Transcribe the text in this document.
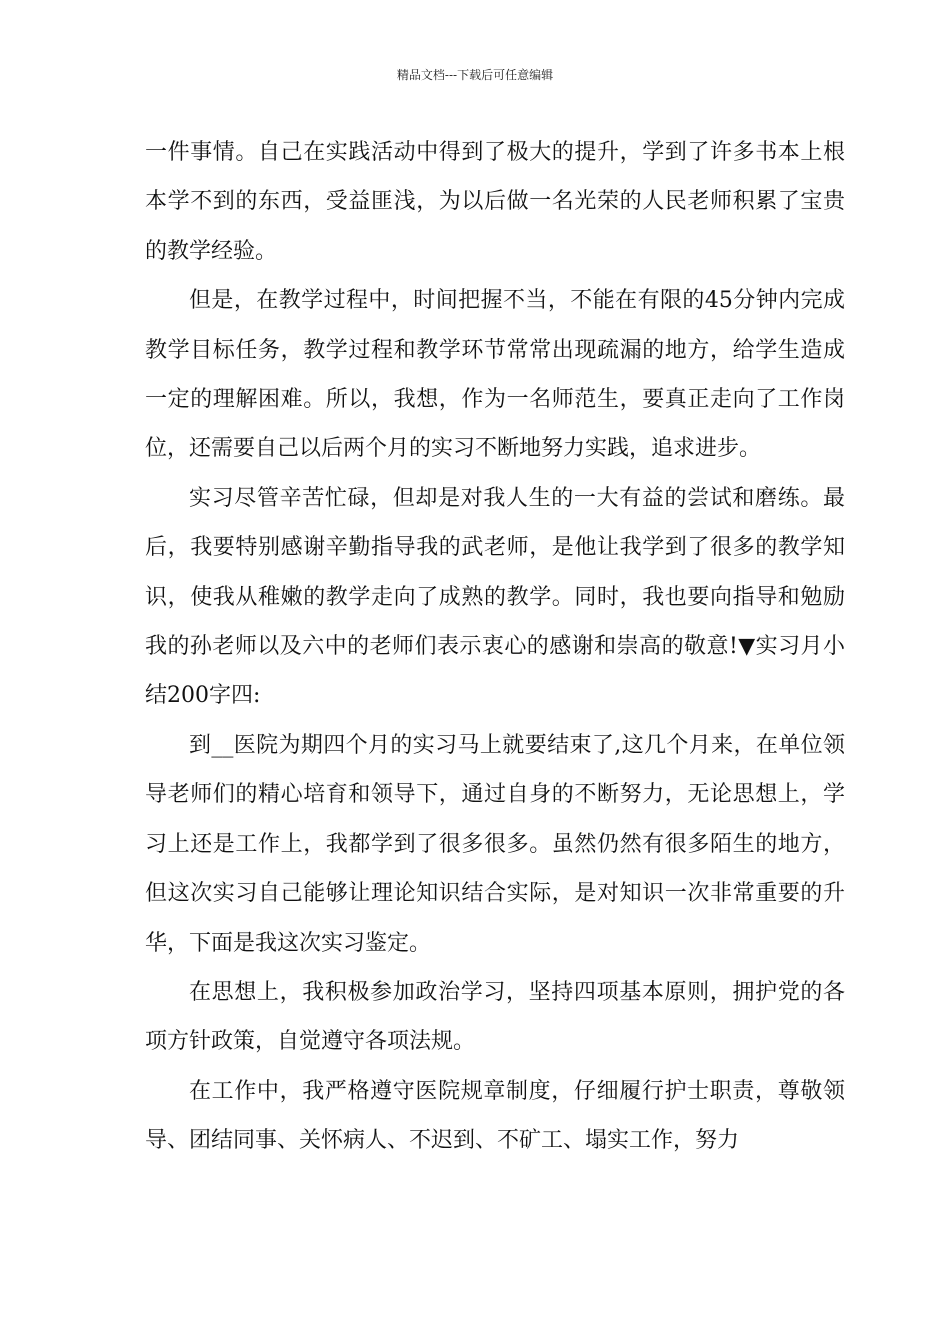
精品文档---下载后可任意编辑

一件事情。自己在实践活动中得到了极大的提升，学到了许多书本上根本学不到的东西，受益匪浅，为以后做一名光荣的人民老师积累了宝贵的教学经验。

但是，在教学过程中，时间把握不当，不能在有限的45分钟内完成教学目标任务，教学过程和教学环节常常出现疏漏的地方，给学生造成一定的理解困难。所以，我想，作为一名师范生，要真正走向了工作岗位，还需要自己以后两个月的实习不断地努力实践，追求进步。

实习尽管辛苦忙碌，但却是对我人生的一大有益的尝试和磨练。最后，我要特别感谢辛勤指导我的武老师，是他让我学到了很多的教学知识，使我从稚嫩的教学走向了成熟的教学。同时，我也要向指导和勉励我的孙老师以及六中的老师们表示衷心的感谢和崇高的敬意!▼实习月小结200字四:

到__医院为期四个月的实习马上就要结束了,这几个月来，在单位领导老师们的精心培育和领导下，通过自身的不断努力，无论思想上，学习上还是工作上，我都学到了很多很多。虽然仍然有很多陌生的地方，但这次实习自己能够让理论知识结合实际，是对知识一次非常重要的升华，下面是我这次实习鉴定。

在思想上，我积极参加政治学习，坚持四项基本原则，拥护党的各项方针政策，自觉遵守各项法规。

在工作中，我严格遵守医院规章制度，仔细履行护士职责，尊敬领导、团结同事、关怀病人、不迟到、不矿工、塌实工作，努力
